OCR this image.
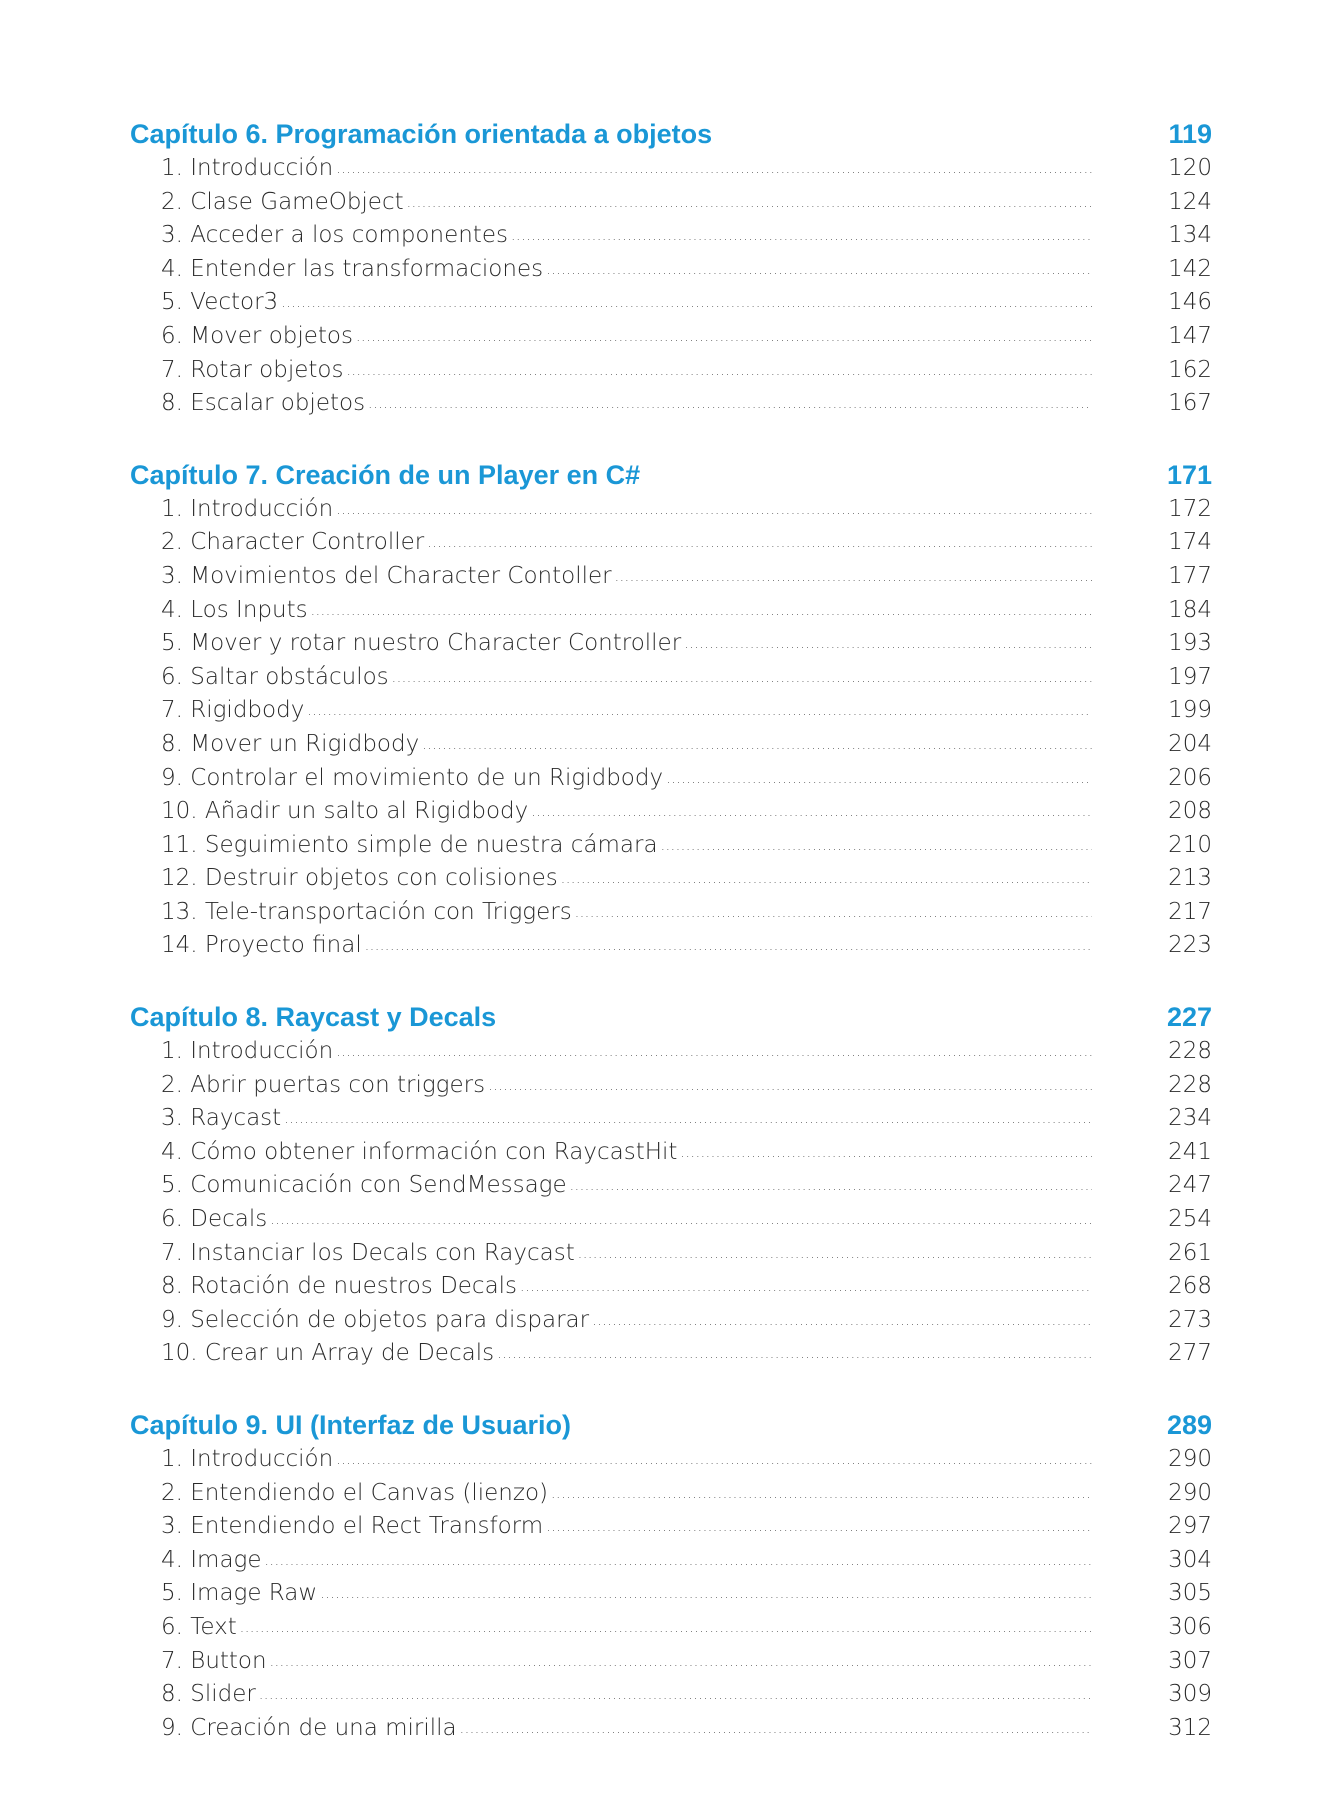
Capítulo 6. Programación orientada a objetos	119
1. Introducción .....	120
2. Clase GameObject .....	124
3. Acceder a los componentes .....	134
4. Entender las transformaciones .....	142
5. Vector3 .....	146
6. Mover objetos .....	147
7. Rotar objetos .....	162
8. Escalar objetos .....	167
Capítulo 7. Creación de un Player en C#	171
1. Introducción .....	172
2. Character Controller .....	174
3. Movimientos del Character Contoller .....	177
4. Los Inputs .....	184
5. Mover y rotar nuestro Character Controller .....	193
6. Saltar obstáculos .....	197
7. Rigidbody .....	199
8. Mover un Rigidbody .....	204
9. Controlar el movimiento de un Rigidbody .....	206
10. Añadir un salto al Rigidbody .....	208
11. Seguimiento simple de nuestra cámara .....	210
12. Destruir objetos con colisiones .....	213
13. Tele-transportación con Triggers .....	217
14. Proyecto final .....	223
Capítulo 8. Raycast y Decals	227
1. Introducción .....	228
2. Abrir puertas con triggers .....	228
3. Raycast .....	234
4. Cómo obtener información con RaycastHit .....	241
5. Comunicación con SendMessage .....	247
6. Decals .....	254
7. Instanciar los Decals con Raycast .....	261
8. Rotación de nuestros Decals .....	268
9. Selección de objetos para disparar .....	273
10. Crear un Array de Decals .....	277
Capítulo 9. UI (Interfaz de Usuario)	289
1. Introducción .....	290
2. Entendiendo el Canvas (lienzo) .....	290
3. Entendiendo el Rect Transform .....	297
4. Image .....	304
5. Image Raw .....	305
6. Text .....	306
7. Button .....	307
8. Slider .....	309
9. Creación de una mirilla .....	312
